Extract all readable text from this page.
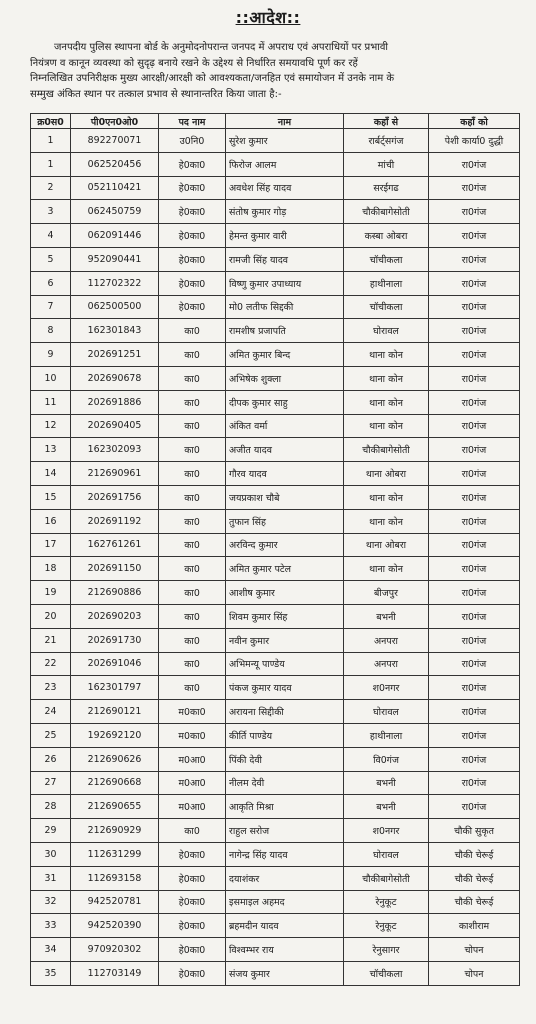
::आदेश::
जनपदीय पुलिस स्थापना बोर्ड के अनुमोदनोपरान्त जनपद में अपराध एवं अपराधियों पर प्रभावी
नियंत्रण व कानून व्यवस्था को सुदृढ़ बनाये रखने के उद्देश्य से निर्धारित समयावधि पूर्ण कर रहें
निम्नलिखित उपनिरीक्षक मुख्य आरक्षी/आरक्षी को आवश्यकता/जनहित एवं समायोजन में उनके नाम के
सम्मुख अंकित स्थान पर तत्काल प्रभाव से स्थानान्तरित किया जाता है:-
क्र0स0	पी0एन0ओ0	पद नाम	नाम	कहाँ से	कहाँ को
1	892270071	उ0नि0	सुरेश कुमार	रार्बर्ट्सगंज	पेशी कार्या0 दुद्धी
1	062520456	हे0का0	फिरोज आलम	मांची	रा0गंज
2	052110421	हे0का0	अवधेश सिंह यादव	सरईगढ	रा0गंज
3	062450759	हे0का0	संतोष कुमार गोड़	चौकीबागेसोती	रा0गंज
4	062091446	हे0का0	हेमन्त कुमार वारी	कस्बा ओबरा	रा0गंज
5	952090441	हे0का0	रामजी सिंह यादव	चॉचीकला	रा0गंज
6	112702322	हे0का0	विष्णु कुमार उपाध्याय	हाथीनाला	रा0गंज
7	062500500	हे0का0	मो0 लतीफ सिद्दकी	चॉचीकला	रा0गंज
8	162301843	का0	रामशीष प्रजापति	घोरावल	रा0गंज
9	202691251	का0	अमित कुमार बिन्द	थाना कोन	रा0गंज
10	202690678	का0	अभिषेक शुक्ला	थाना कोन	रा0गंज
11	202691886	का0	दीपक कुमार साहु	थाना कोन	रा0गंज
12	202690405	का0	अंकित वर्मा	थाना कोन	रा0गंज
13	162302093	का0	अजीत यादव	चौकीबागेसोती	रा0गंज
14	212690961	का0	गौरव यादव	थाना ओबरा	रा0गंज
15	202691756	का0	जयप्रकाश चौबे	थाना कोन	रा0गंज
16	202691192	का0	तुफान सिंह	थाना कोन	रा0गंज
17	162761261	का0	अरविन्द कुमार	थाना ओबरा	रा0गंज
18	202691150	का0	अमित कुमार पटेल	थाना कोन	रा0गंज
19	212690886	का0	आशीष कुमार	बीजपुर	रा0गंज
20	202690203	का0	शिवम कुमार सिंह	बभनी	रा0गंज
21	202691730	का0	नवीन कुमार	अनपरा	रा0गंज
22	202691046	का0	अभिमन्यू पाण्डेय	अनपरा	रा0गंज
23	162301797	का0	पंकज कुमार यादव	श0नगर	रा0गंज
24	212690121	म0का0	अरायना सिद्दीकी	घोरावल	रा0गंज
25	192692120	म0का0	कीर्ति पाण्डेय	हाथीनाला	रा0गंज
26	212690626	म0आ0	पिंकी देवी	वि0गंज	रा0गंज
27	212690668	म0आ0	नीलम देवी	बभनी	रा0गंज
28	212690655	म0आ0	आकृति मिश्रा	बभनी	रा0गंज
29	212690929	का0	राहुल सरोज	श0नगर	चौकी सुकृत
30	112631299	हे0का0	नागेन्द्र सिंह यादव	घोरावल	चौकी चेरूई
31	112693158	हे0का0	दयाशंकर	चौकीबागेसोती	चौकी चेरूई
32	942520781	हे0का0	इसमाइल अहमद	रेनुकूट	चौकी चेरूई
33	942520390	हे0का0	ब्रहमदीन यादव	रेनुकूट	काशीराम
34	970920302	हे0का0	विश्वम्भर राय	रेनुसागर	चोपन
35	112703149	हे0का0	संजय कुमार	चॉचीकला	चोपन
